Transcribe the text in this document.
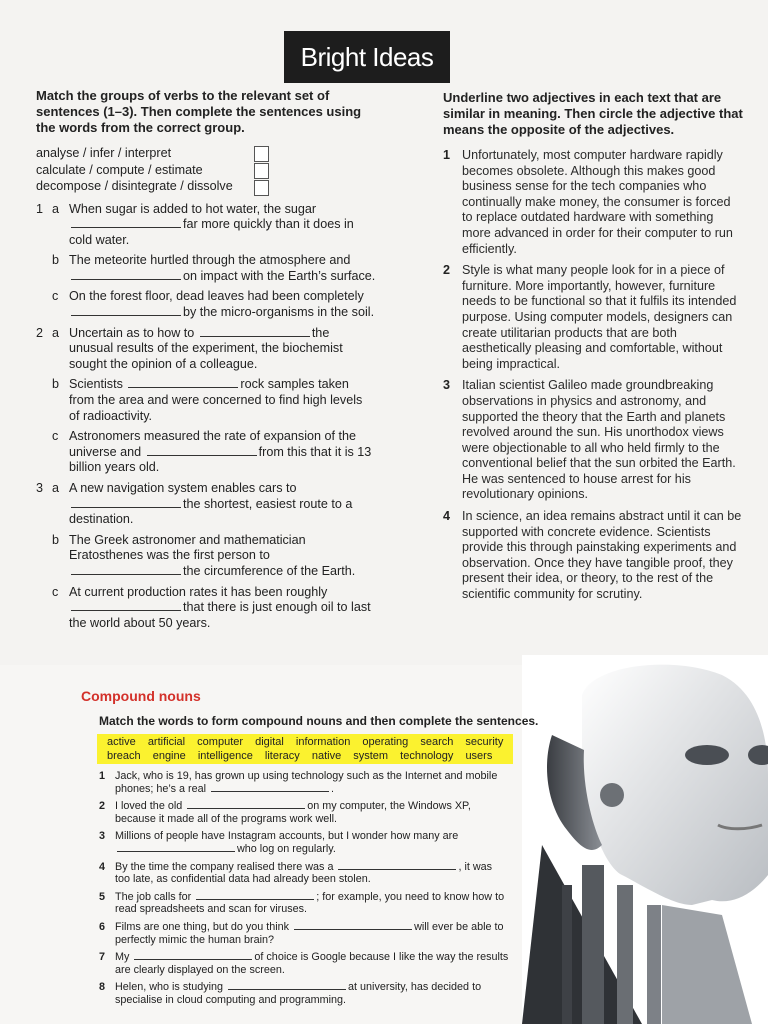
Bright Ideas
Match the groups of verbs to the relevant set of sentences (1–3). Then complete the sentences using the words from the correct group.
analyse / infer / interpret
calculate / compute / estimate
decompose / disintegrate / dissolve
1 a When sugar is added to hot water, the sugar far more quickly than it does in cold water.
b The meteorite hurtled through the atmosphere and on impact with the Earth’s surface.
c On the forest floor, dead leaves had been completely by the micro-organisms in the soil.
2 a Uncertain as to how to	the unusual results of the experiment, the biochemist sought the opinion of a colleague.
b Scientists	rock samples taken from the area and were concerned to find high levels of radioactivity.
c Astronomers measured the rate of expansion of the universe and	from this that it is 13 billion years old.
3 a A new navigation system enables cars to the shortest, easiest route to a destination.
b The Greek astronomer and mathematician Eratosthenes was the first person to the circumference of the Earth.
c At current production rates it has been roughly that there is just enough oil to last the world about 50 years.
Underline two adjectives in each text that are similar in meaning. Then circle the adjective that means the opposite of the adjectives.
1 Unfortunately, most computer hardware rapidly becomes obsolete. Although this makes good business sense for the tech companies who continually make money, the consumer is forced to replace outdated hardware with something more advanced in order for their computer to run efficiently.
2 Style is what many people look for in a piece of furniture. More importantly, however, furniture needs to be functional so that it fulfils its intended purpose. Using computer models, designers can create utilitarian products that are both aesthetically pleasing and comfortable, without being impractical.
3 Italian scientist Galileo made groundbreaking observations in physics and astronomy, and supported the theory that the Earth and planets revolved around the sun. His unorthodox views were objectionable to all who held firmly to the conventional belief that the sun orbited the Earth. He was sentenced to house arrest for his revolutionary opinions.
4 In science, an idea remains abstract until it can be supported with concrete evidence. Scientists provide this through painstaking experiments and observation. Once they have tangible proof, they present their idea, or theory, to the rest of the scientific community for scrutiny.
Compound nouns
Match the words to form compound nouns and then complete the sentences.
active artificial computer digital information operating search security
breach engine intelligence literacy native system technology users
1 Jack, who is 19, has grown up using technology such as the Internet and mobile phones; he’s a real	.
2 I loved the old	on my computer, the Windows XP, because it made all of the programs work well.
3 Millions of people have Instagram accounts, but I wonder how many are who log on regularly.
4 By the time the company realised there was a	, it was too late, as confidential data had already been stolen.
5 The job calls for	; for example, you need to know how to read spreadsheets and scan for viruses.
6 Films are one thing, but do you think	will ever be able to perfectly mimic the human brain?
7 My	of choice is Google because I like the way the results are clearly displayed on the screen.
8 Helen, who is studying	at university, has decided to specialise in cloud computing and programming.
